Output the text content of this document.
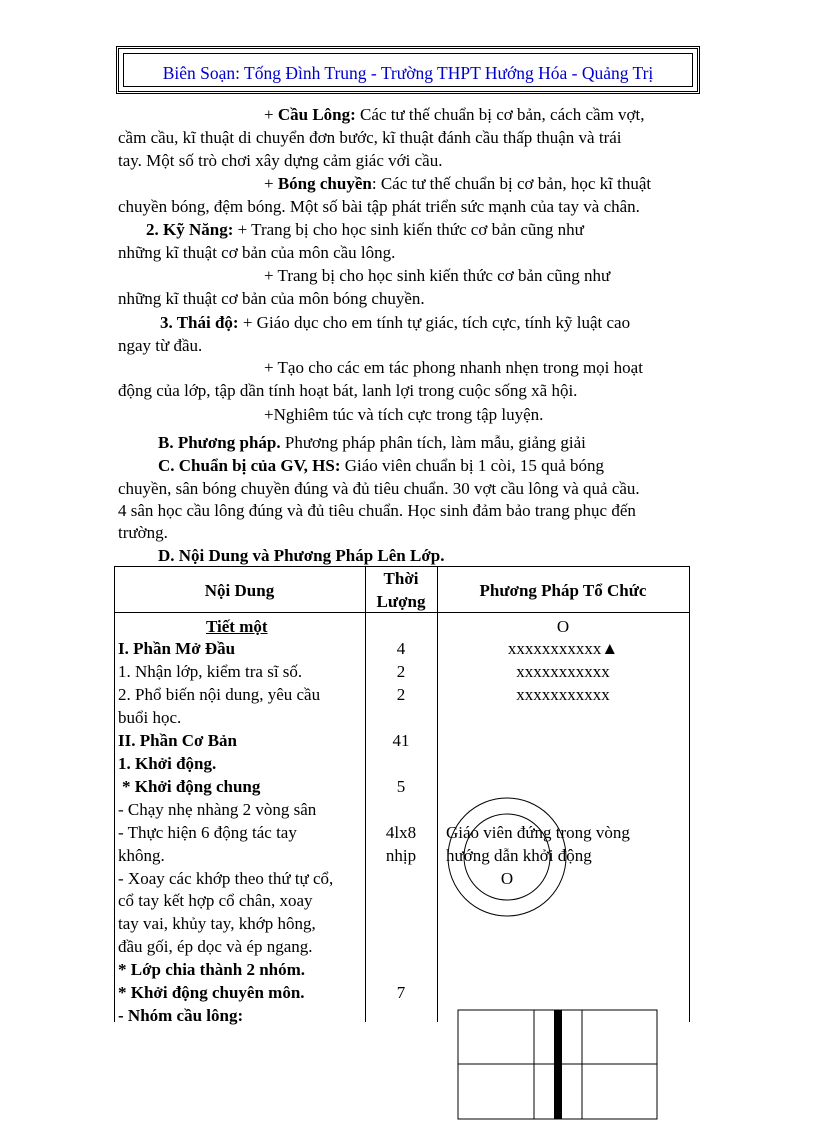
Biên Soạn: Tống Đình Trung - Trường THPT Hướng Hóa - Quảng Trị
+ Cầu Lông: Các tư thế chuẩn bị cơ bản, cách cầm vợt,
cầm cầu, kĩ thuật di chuyển đơn bước, kĩ thuật đánh cầu thấp thuận và trái
tay. Một số trò chơi xây dựng cảm giác với cầu.
+ Bóng chuyền: Các tư thế chuẩn bị cơ bản, học kĩ thuật
chuyền bóng, đệm bóng. Một số bài tập phát triển sức mạnh của tay và chân.
2. Kỹ Năng: + Trang bị cho học sinh kiến thức cơ bản cũng như
những kĩ thuật cơ bản của môn cầu lông.
+ Trang bị cho học sinh kiến thức cơ bản cũng như
những kĩ thuật cơ bản của môn bóng chuyền.
3. Thái độ: + Giáo dục cho em tính tự giác, tích cực, tính kỹ luật cao
ngay từ đầu.
+ Tạo cho các em tác phong nhanh nhẹn trong mọi hoạt
động của lớp, tập dần tính hoạt bát, lanh lợi trong cuộc sống xã hội.
+Nghiêm túc và tích cực trong tập luyện.
B. Phương pháp. Phương pháp phân tích, làm mẫu, giảng giải
C. Chuẩn bị của GV, HS: Giáo viên chuẩn bị 1 còi, 15 quả bóng
chuyền, sân bóng chuyền đúng và đủ tiêu chuẩn. 30 vợt cầu lông và quả cầu.
4 sân học cầu lông đúng và đủ tiêu chuẩn. Học sinh đảm bảo trang phục đến
trường.
D. Nội Dung và Phương Pháp Lên Lớp.
Nội Dung
Thời
Lượng
Phương Pháp Tổ Chức
Tiết một
I. Phần Mở Đầu
1. Nhận lớp, kiểm tra sĩ số.
2. Phổ biến nội dung, yêu cầu
buổi học.
II. Phần Cơ Bản
1. Khởi động.
* Khởi động chung
- Chạy nhẹ nhàng 2 vòng sân
- Thực hiện 6 động tác tay
không.
- Xoay các khớp theo thứ tự cổ,
cổ tay kết hợp cổ chân, xoay
tay vai, khủy tay, khớp hông,
đầu gối, ép dọc và ép ngang.
* Lớp chia thành 2 nhóm.
* Khởi động chuyên môn.
- Nhóm cầu lông:
4
2
2
41
5
4lx8
nhịp
7
O
xxxxxxxxxxx▲
xxxxxxxxxxx
xxxxxxxxxxx
Giáo viên đứng trong vòng
hướng dẫn khởi động
O
